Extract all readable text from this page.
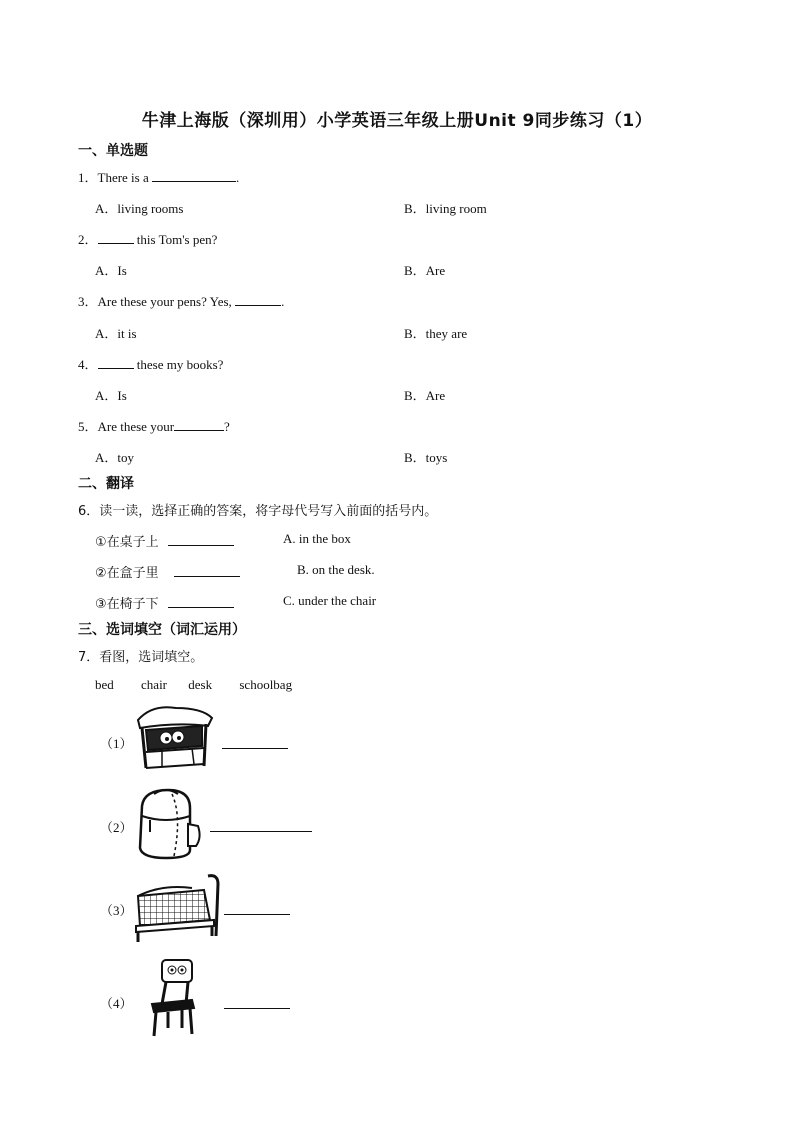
牛津上海版（深圳用）小学英语三年级上册Unit 9同步练习（1）
一、单选题
1．There is a	.
A．living rooms	B．living room
2．	this Tom's pen?
A．Is	B．Are
3．Are these your pens? Yes,	.
A．it is	B．they are
4．	these my books?
A．Is	B．Are
5．Are these your	?
A．toy	B．toys
二、翻译
6．读一读，选择正确的答案，将字母代号写入前面的括号内。
①在桌子上	A. in the box
②在盒子里	B. on the desk.
③在椅子下	C. under the chair
三、选词填空（词汇运用）
7．看图，选词填空。
bed chair desk schoolbag
（1）
（2）
（3）
（4）
